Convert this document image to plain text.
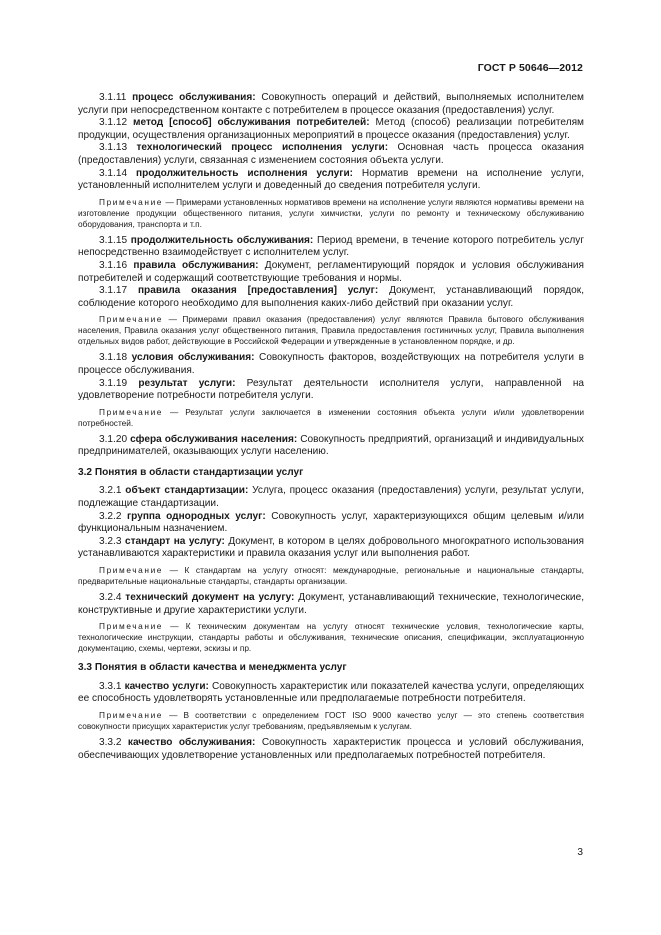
ГОСТ Р 50646—2012

3.1.11 процесс обслуживания: Совокупность операций и действий, выполняемых исполнителем услуги при непосредственном контакте с потребителем в процессе оказания (предоставления) услуг.

3.1.12 метод [способ] обслуживания потребителей: Метод (способ) реализации потребителям продукции, осуществления организационных мероприятий в процессе оказания (предоставления) услуг.

3.1.13 технологический процесс исполнения услуги: Основная часть процесса оказания (предоставления) услуги, связанная с изменением состояния объекта услуги.

3.1.14 продолжительность исполнения услуги: Норматив времени на исполнение услуги, установленный исполнителем услуги и доведенный до сведения потребителя услуги.

Примечание — Примерами установленных нормативов времени на исполнение услуги являются нормативы времени на изготовление продукции общественного питания, услуги химчистки, услуги по ремонту и техническому обслуживанию оборудования, транспорта и т.п.

3.1.15 продолжительность обслуживания: Период времени, в течение которого потребитель услуг непосредственно взаимодействует с исполнителем услуг.

3.1.16 правила обслуживания: Документ, регламентирующий порядок и условия обслуживания потребителей и содержащий соответствующие требования и нормы.

3.1.17 правила оказания [предоставления] услуг: Документ, устанавливающий порядок, соблюдение которого необходимо для выполнения каких-либо действий при оказании услуг.

Примечание — Примерами правил оказания (предоставления) услуг являются Правила бытового обслуживания населения, Правила оказания услуг общественного питания, Правила предоставления гостиничных услуг, Правила выполнения отдельных видов работ, действующие в Российской Федерации и утвержденные в установленном порядке, и др.

3.1.18 условия обслуживания: Совокупность факторов, воздействующих на потребителя услуги в процессе обслуживания.

3.1.19 результат услуги: Результат деятельности исполнителя услуги, направленной на удовлетворение потребности потребителя услуги.

Примечание — Результат услуги заключается в изменении состояния объекта услуги и/или удовлетворении потребностей.

3.1.20 сфера обслуживания населения: Совокупность предприятий, организаций и индивидуальных предпринимателей, оказывающих услуги населению.

3.2 Понятия в области стандартизации услуг

3.2.1 объект стандартизации: Услуга, процесс оказания (предоставления) услуги, результат услуги, подлежащие стандартизации.

3.2.2 группа однородных услуг: Совокупность услуг, характеризующихся общим целевым и/или функциональным назначением.

3.2.3 стандарт на услугу: Документ, в котором в целях добровольного многократного использования устанавливаются характеристики и правила оказания услуг или выполнения работ.

Примечание — К стандартам на услугу относят: международные, региональные и национальные стандарты, предварительные национальные стандарты, стандарты организации.

3.2.4 технический документ на услугу: Документ, устанавливающий технические, технологические, конструктивные и другие характеристики услуги.

Примечание — К техническим документам на услугу относят технические условия, технологические карты, технологические инструкции, стандарты работы и обслуживания, технические описания, спецификации, эксплуатационную документацию, схемы, чертежи, эскизы и пр.

3.3 Понятия в области качества и менеджмента услуг

3.3.1 качество услуги: Совокупность характеристик или показателей качества услуги, определяющих ее способность удовлетворять установленные или предполагаемые потребности потребителя.

Примечание — В соответствии с определением ГОСТ ISO 9000 качество услуг — это степень соответствия совокупности присущих характеристик услуг требованиям, предъявляемым к услугам.

3.3.2 качество обслуживания: Совокупность характеристик процесса и условий обслуживания, обеспечивающих удовлетворение установленных или предполагаемых потребностей потребителя.

3
